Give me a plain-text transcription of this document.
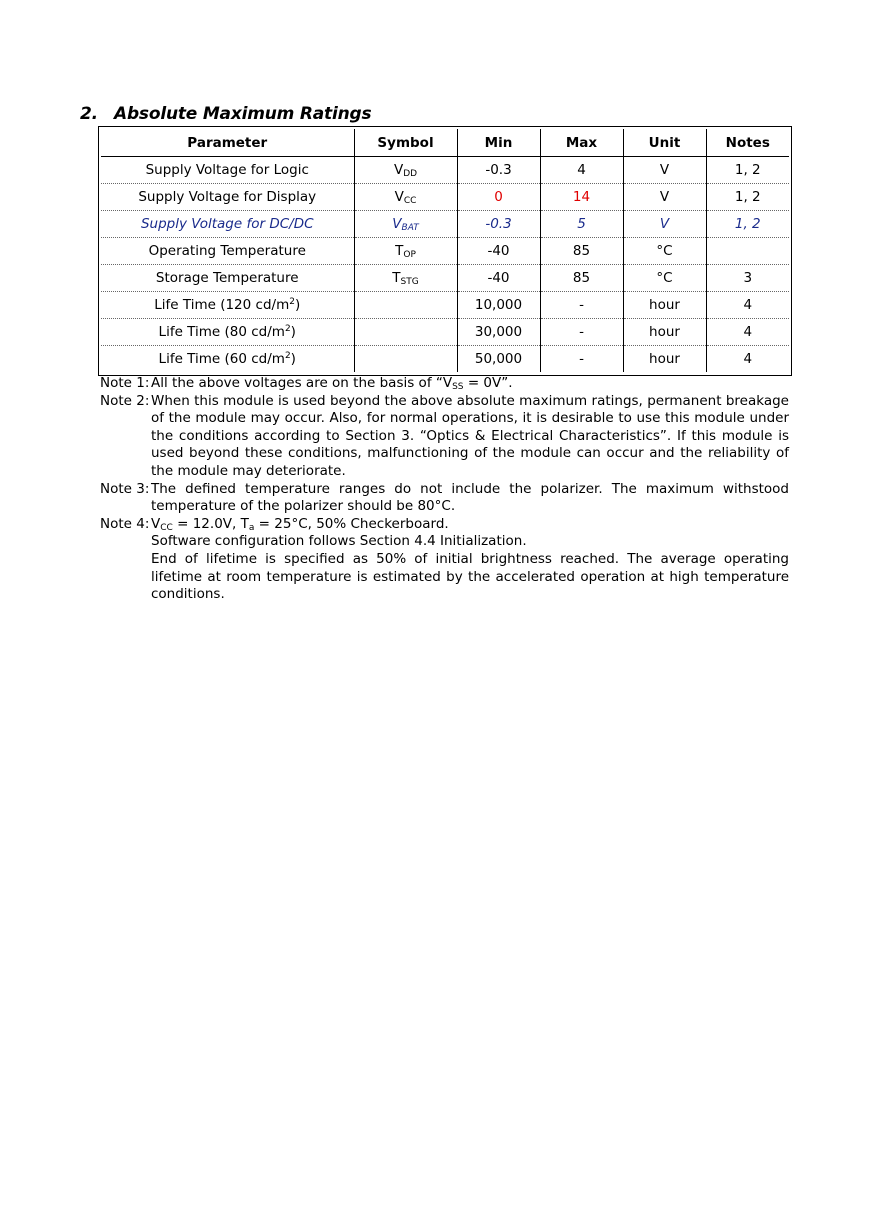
2. Absolute Maximum Ratings
Parameter	Symbol	Min	Max	Unit	Notes
Supply Voltage for Logic	$V_{DD}$	-0.3	4	V	1, 2
Supply Voltage for Display	$V_{CC}$	0	14	V	1, 2
Supply Voltage for DC/DC	$V_{BAT}$	-0.3	5	V	1, 2
Operating Temperature	$T_{OP}$	-40	85	°C	
Storage Temperature	$T_{STG}$	-40	85	°C	3
Life Time (120 $cd/m^2$)		10,000	-	hour	4
Life Time (80 $cd/m^2$)		30,000	-	hour	4
Life Time (60 $cd/m^2$)		50,000	-	hour	4
Note 1: All the above voltages are on the basis of “$V_{SS} = 0V$”.

Note 2: When this module is used beyond the above absolute maximum ratings, permanent breakage of the module may occur. Also, for normal operations, it is desirable to use this module under the conditions according to Section 3. “Optics & Electrical Characteristics”. If this module is used beyond these conditions, malfunctioning of the module can occur and the reliability of the module may deteriorate.

Note 3: The defined temperature ranges do not include the polarizer. The maximum withstood temperature of the polarizer should be 80°C.

Note 4: $V_{CC} = 12.0V$, $T_a = 25^\circ C$, 50% Checkerboard.

Software configuration follows Section 4.4 Initialization.

End of lifetime is specified as 50% of initial brightness reached. The average operating lifetime at room temperature is estimated by the accelerated operation at high temperature conditions.
